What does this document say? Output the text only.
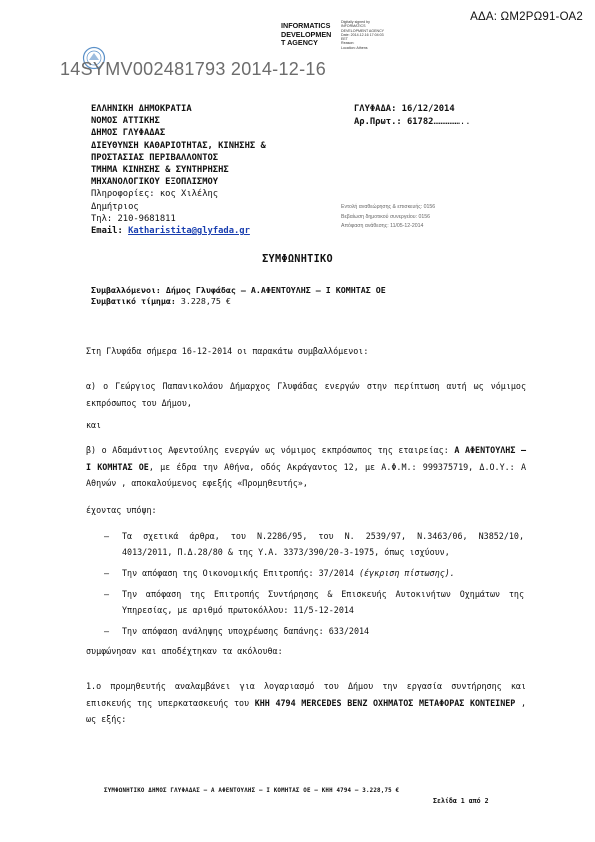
ΑΔΑ: ΩΜ2ΡΩ91-ΟΑ2
INFORMATICS
DEVELOPMEN
T AGENCY
Digitally signed by
INFORMATICS
DEVELOPMENT AGENCY
Date: 2014.12.16 17:04:03
EET
Reason:
Location: Athens
14SYMV002481793 2014-12-16
ΕΛΛΗΝΙΚΗ ΔΗΜΟΚΡΑΤΙΑ
ΝΟΜΟΣ ΑΤΤΙΚΗΣ
ΔΗΜΟΣ ΓΛΥΦΑΔΑΣ
ΔΙΕΥΘΥΝΣΗ ΚΑΘΑΡΙΟΤΗΤΑΣ, ΚΙΝΗΣΗΣ &
ΠΡΟΣΤΑΣΙΑΣ ΠΕΡΙΒΑΛΛΟΝΤΟΣ
ΤΜΗΜΑ ΚΙΝΗΣΗΣ & ΣΥΝΤΗΡΗΣΗΣ
ΜΗΧΑΝΟΛΟΓΙΚΟΥ ΕΞΟΠΛΙΣΜΟΥ
Πληροφορίες: κος Χιλέλης
Δημήτριος
Τηλ: 210-9681811
Email: Katharistita@glyfada.gr
ΓΛΥΦΑΔΑ: 16/12/2014
Αρ.Πρωτ.: 61782……………..
Εντολή αναθεώρησης & επισκευής: 0156
Βεβαίωση δημοτικού συνεργείου: 0156
Απόφαση ανάθεσης: 11/05-12-2014
ΣΥΜΦΩΝΗΤΙΚΟ
Συμβαλλόμενοι: Δήμος Γλυφάδας – Α.ΑΦΕΝΤΟΥΛΗΣ – Ι ΚΟΜΗΤΑΣ ΟΕ
Συμβατικό τίμημα: 3.228,75 €
Στη Γλυφάδα σήμερα 16-12-2014 οι παρακάτω συμβαλλόμενοι:
α) ο Γεώργιος Παπανικολάου Δήμαρχος Γλυφάδας ενεργών στην περίπτωση αυτή ως νόμιμος εκπρόσωπος του Δήμου,
και
β) ο Αδαμάντιος Αφεντούλης ενεργών ως νόμιμος εκπρόσωπος της εταιρείας: Α ΑΦΕΝΤΟΥΛΗΣ – Ι ΚΟΜΗΤΑΣ ΟΕ, με έδρα την Αθήνα, οδός Ακράγαντος 12, με Α.Φ.Μ.: 999375719, Δ.Ο.Υ.: Α Αθηνών , αποκαλούμενος εφεξής «Προμηθευτής»,
έχοντας υπόψη:
– Τα σχετικά άρθρα, του Ν.2286/95, του Ν. 2539/97, Ν.3463/06, Ν3852/10, 4013/2011, Π.Δ.28/80 & της Υ.Α. 3373/390/20-3-1975, όπως ισχύουν,
– Την απόφαση της Οικονομικής Επιτροπής: 37/2014 (έγκριση πίστωσης).
– Την απόφαση της Επιτροπής Συντήρησης & Επισκευής Αυτοκινήτων Οχημάτων της Υπηρεσίας, με αριθμό πρωτοκόλλου: 11/5-12-2014
– Την απόφαση ανάληψης υποχρέωσης δαπάνης: 633/2014
συμφώνησαν και αποδέχτηκαν τα ακόλουθα:
1.ο προμηθευτής αναλαμβάνει για λογαριασμό του Δήμου την εργασία συντήρησης και επισκευής της υπερκατασκευής του ΚΗΗ 4794 MERCEDES BENZ ΟΧΗΜΑΤΟΣ ΜΕΤΑΦΟΡΑΣ ΚΟΝΤΕΙΝΕΡ , ως εξής:
ΣΥΜΦΩΝΗΤΙΚΟ ΔΗΜΟΣ ΓΛΥΦΑΔΑΣ – Α ΑΦΕΝΤΟΥΛΗΣ – Ι ΚΟΜΗΤΑΣ ΟΕ – ΚΗΗ 4794 – 3.228,75 €
Σελίδα 1 από 2
